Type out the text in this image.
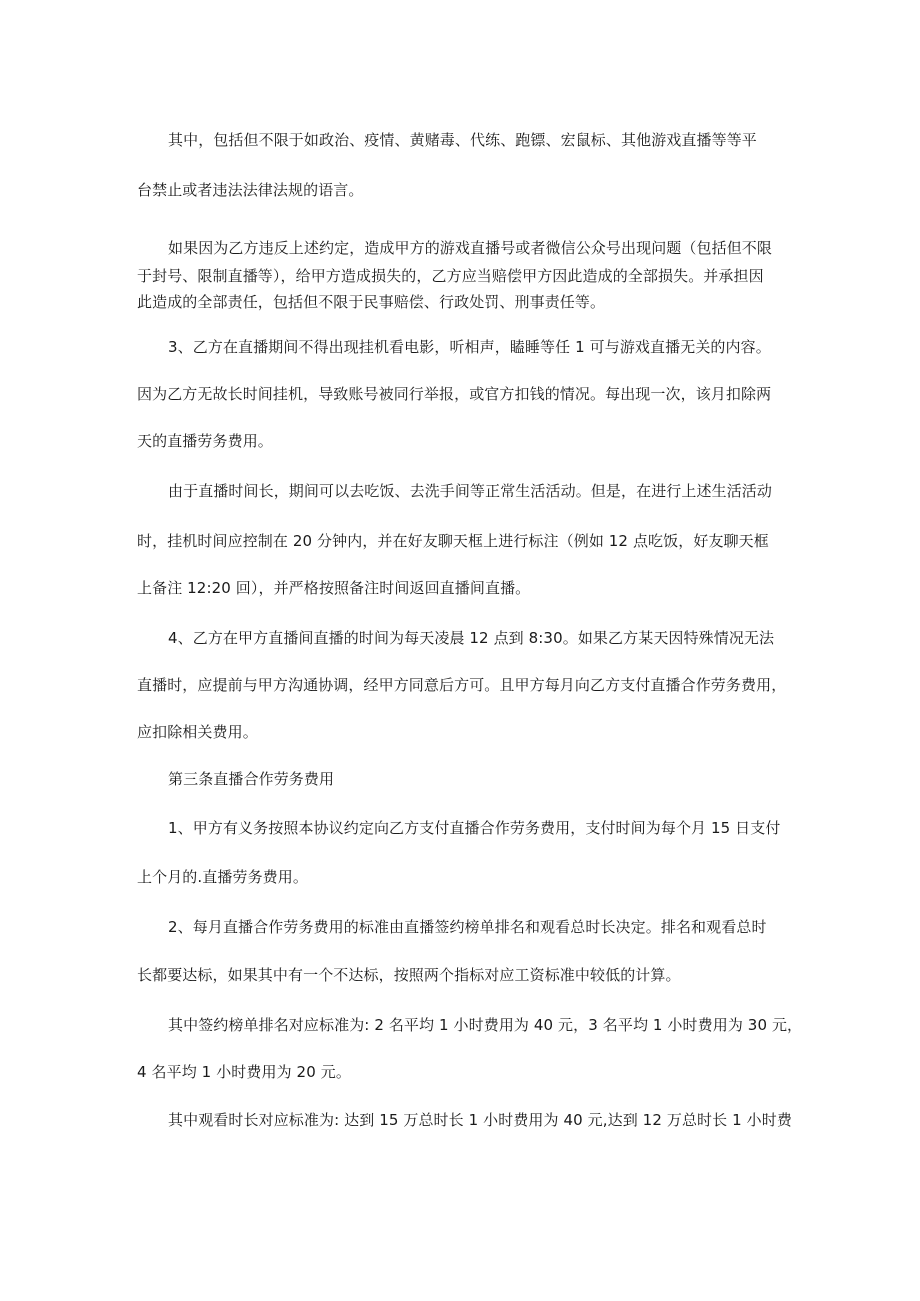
其中，包括但不限于如政治、疫情、黄赌毒、代练、跑镖、宏鼠标、其他游戏直播等等平
台禁止或者违法法律法规的语言。
如果因为乙方违反上述约定，造成甲方的游戏直播号或者微信公众号出现问题（包括但不限
于封号、限制直播等），给甲方造成损失的，乙方应当赔偿甲方因此造成的全部损失。并承担因
此造成的全部责任，包括但不限于民事赔偿、行政处罚、刑事责任等。
3、乙方在直播期间不得出现挂机看电影，听相声，瞌睡等任 1 可与游戏直播无关的内容。
因为乙方无故长时间挂机，导致账号被同行举报，或官方扣钱的情况。每出现一次，该月扣除两
天的直播劳务费用。
由于直播时间长，期间可以去吃饭、去洗手间等正常生活活动。但是，在进行上述生活活动
时，挂机时间应控制在 20 分钟内，并在好友聊天框上进行标注（例如 12 点吃饭，好友聊天框
上备注 12:20 回），并严格按照备注时间返回直播间直播。
4、乙方在甲方直播间直播的时间为每天凌晨 12 点到 8:30。如果乙方某天因特殊情况无法
直播时，应提前与甲方沟通协调，经甲方同意后方可。且甲方每月向乙方支付直播合作劳务费用，
应扣除相关费用。
第三条直播合作劳务费用
1、甲方有义务按照本协议约定向乙方支付直播合作劳务费用，支付时间为每个月 15 日支付
上个月的.直播劳务费用。
2、每月直播合作劳务费用的标准由直播签约榜单排名和观看总时长决定。排名和观看总时
长都要达标，如果其中有一个不达标，按照两个指标对应工资标准中较低的计算。
其中签约榜单排名对应标准为: 2 名平均 1 小时费用为 40 元，3 名平均 1 小时费用为 30 元，
4 名平均 1 小时费用为 20 元。
其中观看时长对应标准为: 达到 15 万总时长 1 小时费用为 40 元,达到 12 万总时长 1 小时费
